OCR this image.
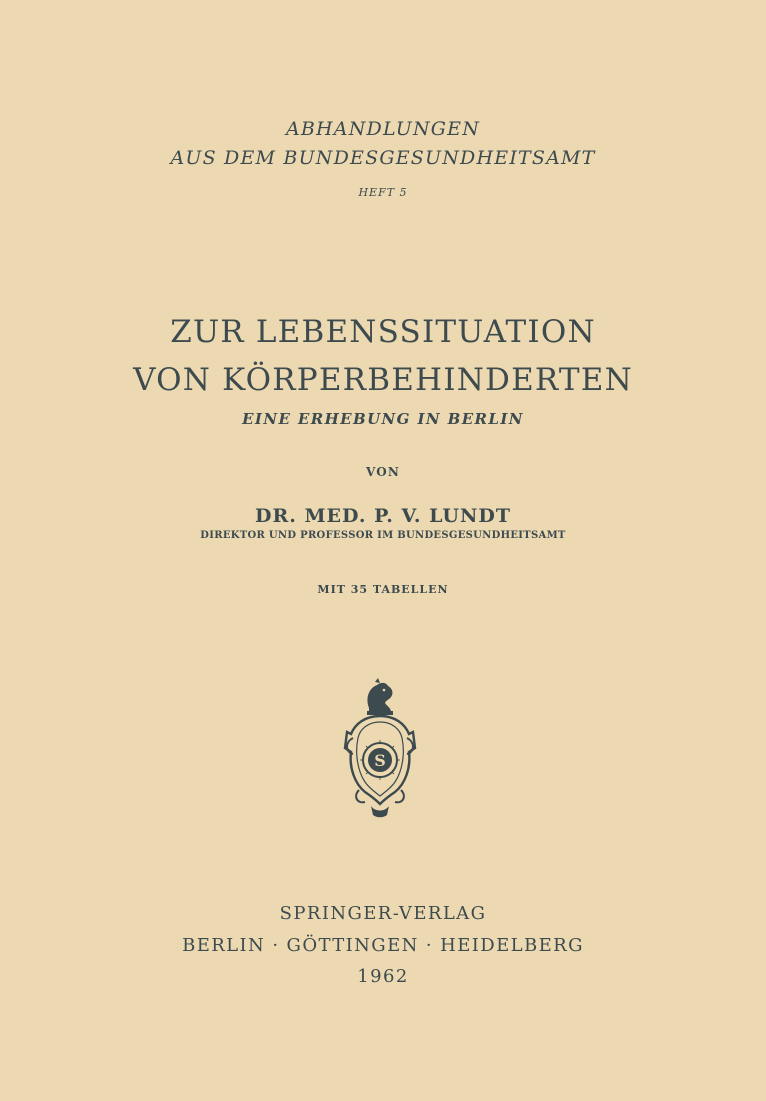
ABHANDLUNGEN
AUS DEM BUNDESGESUNDHEITSAMT
HEFT 5
ZUR LEBENSSITUATION
VON KÖRPERBEHINDERTEN
EINE ERHEBUNG IN BERLIN
VON
DR. MED. P. V. LUNDT
DIREKTOR UND PROFESSOR IM BUNDESGESUNDHEITSAMT
MIT 35 TABELLEN
S
SPRINGER-VERLAG
BERLIN · GÖTTINGEN · HEIDELBERG
1962
